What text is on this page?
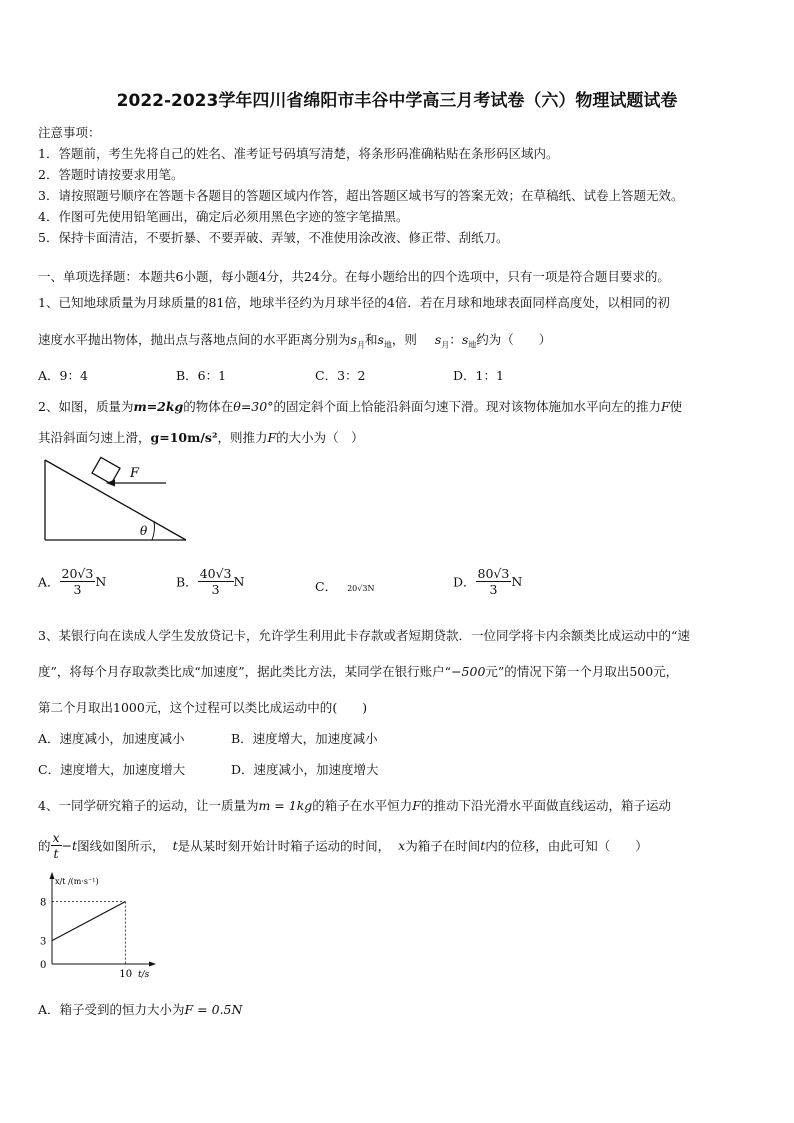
2022-2023学年四川省绵阳市丰谷中学高三月考试卷（六）物理试题试卷
注意事项：
1．答题前，考生先将自己的姓名、准考证号码填写清楚，将条形码准确粘贴在条形码区域内。
2．答题时请按要求用笔。
3．请按照题号顺序在答题卡各题目的答题区域内作答，超出答题区域书写的答案无效；在草稿纸、试卷上答题无效。
4．作图可先使用铅笔画出，确定后必须用黑色字迹的签字笔描黑。
5．保持卡面清洁，不要折暴、不要弄破、弄皱，不准使用涂改液、修正带、刮纸刀。
一、单项选择题：本题共6小题，每小题4分，共24分。在每小题给出的四个选项中，只有一项是符合题目要求的。
1、已知地球质量为月球质量的81倍，地球半径约为月球半径的4倍．若在月球和地球表面同样高度处，以相同的初
速度水平抛出物体，抛出点与落地点间的水平距离分别为$s_月$和$s_地$，则 $s_月$：$s_地$约为（　　）
A．9：4	B．6：1	C．3：2	D．1：1
2、如图，质量为m=2kg的物体在θ=30°的固定斜个面上恰能沿斜面匀速下滑。现对该物体施加水平向左的推力F使
其沿斜面匀速上滑，g=10m/s²，则推力F的大小为（　）
F
θ
A． $\frac{20√3}{3}$ N	B． $\frac{40√3}{3}$ N	C． 20√3N	D． $\frac{80√3}{3}$ N
3、某银行向在读成人学生发放贷记卡，允许学生利用此卡存款或者短期贷款．一位同学将卡内余额类比成运动中的“速
度”，将每个月存取款类比成“加速度”，据此类比方法，某同学在银行账户“−500元”的情况下第一个月取出500元，
第二个月取出1000元，这个过程可以类比成运动中的(　　)
A．速度减小，加速度减小	B．速度增大，加速度减小
C．速度增大，加速度增大	D．速度减小，加速度增大
4、一同学研究箱子的运动，让一质量为m = 1kg的箱子在水平恒力F的推动下沿光滑水平面做直线运动，箱子运动
的 $\frac{x}{t} -t$图线如图所示， t是从某时刻开始计时箱子运动的时间， x为箱子在时间t内的位移，由此可知（　　）
0
3
8
10 t/s
x/t /(m·s⁻¹)
A．箱子受到的恒力大小为F = 0.5N
